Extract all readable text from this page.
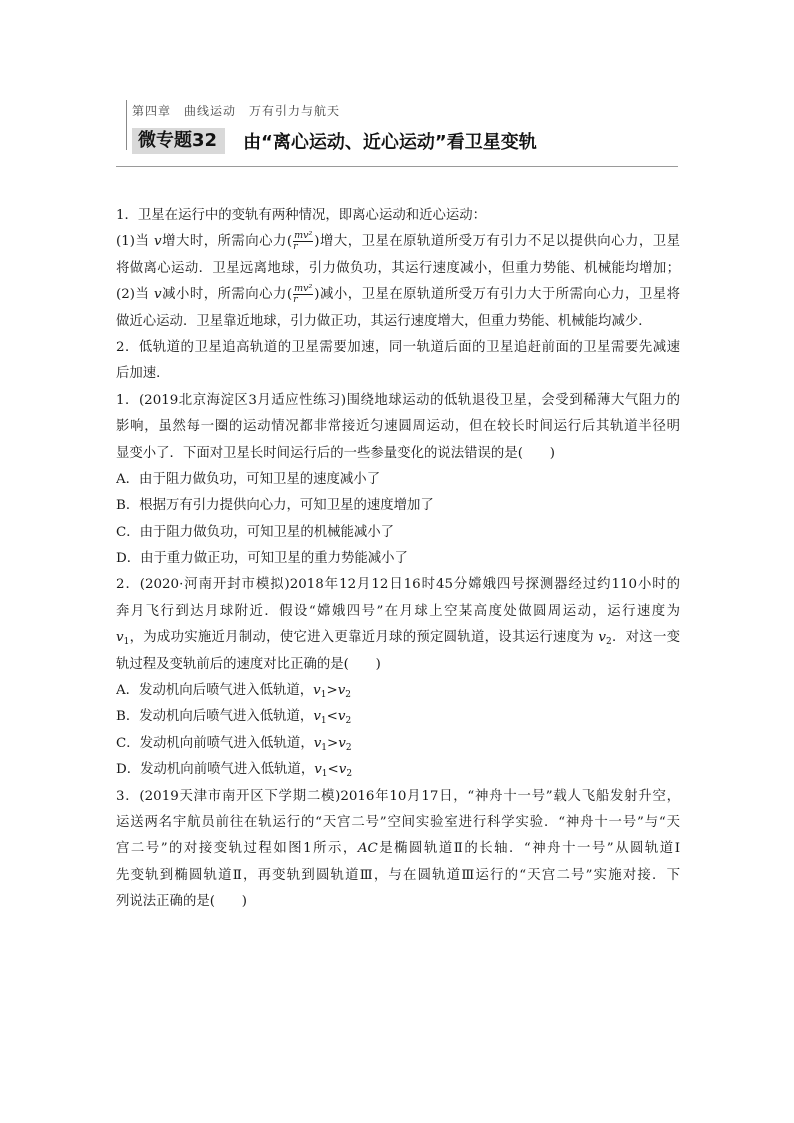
第四章　曲线运动　万有引力与航天
微专题32	由“离心运动、近心运动”看卫星变轨
1．卫星在运行中的变轨有两种情况，即离心运动和近心运动：
(1)当 v增大时，所需向心力( $\frac{\text{mv²}}{r}$ )增大，卫星在原轨道所受万有引力不足以提供向心力，卫星
将做离心运动．卫星远离地球，引力做负功，其运行速度减小，但重力势能、机械能均增加；
(2)当 v减小时，所需向心力( $\frac{\text{mv²}}{r}$ )减小，卫星在原轨道所受万有引力大于所需向心力，卫星将
做近心运动．卫星靠近地球，引力做正功，其运行速度增大，但重力势能、机械能均减少．
2．低轨道的卫星追高轨道的卫星需要加速，同一轨道后面的卫星追赶前面的卫星需要先减速
后加速．
1．(2019北京海淀区3月适应性练习)围绕地球运动的低轨退役卫星，会受到稀薄大气阻力的
影响，虽然每一圈的运动情况都非常接近匀速圆周运动，但在较长时间运行后其轨道半径明
显变小了．下面对卫星长时间运行后的一些参量变化的说法错误的是(　　)
A．由于阻力做负功，可知卫星的速度减小了
B．根据万有引力提供向心力，可知卫星的速度增加了
C．由于阻力做负功，可知卫星的机械能减小了
D．由于重力做正功，可知卫星的重力势能减小了
2．(2020·河南开封市模拟)2018年12月12日16时45分嫦娥四号探测器经过约110小时的
奔月飞行到达月球附近．假设“嫦娥四号”在月球上空某高度处做圆周运动，运行速度为
$v_1$，为成功实施近月制动，使它进入更靠近月球的预定圆轨道，设其运行速度为 $v_2$．对这一变
轨过程及变轨前后的速度对比正确的是(　　)
A．发动机向后喷气进入低轨道，$v_1>v_2$
B．发动机向后喷气进入低轨道，$v_1<v_2$
C．发动机向前喷气进入低轨道，$v_1>v_2$
D．发动机向前喷气进入低轨道，$v_1<v_2$
3．(2019天津市南开区下学期二模)2016年10月17日，“神舟十一号”载人飞船发射升空，
运送两名宇航员前往在轨运行的“天宫二号”空间实验室进行科学实验．“神舟十一号”与“天
宫二号”的对接变轨过程如图1所示，AC是椭圆轨道Ⅱ的长轴．“神舟十一号”从圆轨道Ⅰ
先变轨到椭圆轨道Ⅱ，再变轨到圆轨道Ⅲ，与在圆轨道Ⅲ运行的“天宫二号”实施对接．下
列说法正确的是(　　)
